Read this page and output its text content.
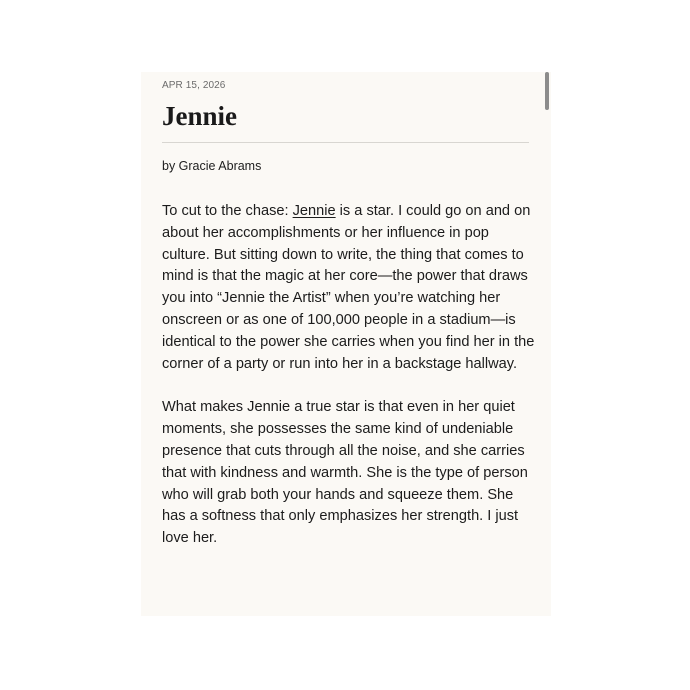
APR 15, 2026
Jennie
by Gracie Abrams

To cut to the chase: Jennie is a star. I could go on and on about her accomplishments or her influence in pop culture. But sitting down to write, the thing that comes to mind is that the magic at her core—the power that draws you into “Jennie the Artist” when you’re watching her onscreen or as one of 100,000 people in a stadium—is identical to the power she carries when you find her in the corner of a party or run into her in a backstage hallway.

What makes Jennie a true star is that even in her quiet moments, she possesses the same kind of undeniable presence that cuts through all the noise, and she carries that with kindness and warmth. She is the type of person who will grab both your hands and squeeze them. She has a softness that only emphasizes her strength. I just love her.
